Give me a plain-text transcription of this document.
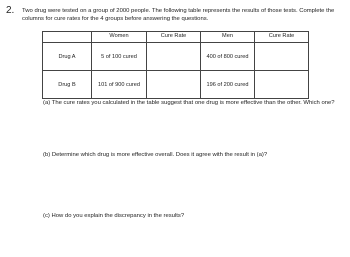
2. Two drug were tested on a group of 2000 people. The following table represents the results of those tests. Complete the columns for cure rates for the 4 groups before answering the questions.
	Women	Cure Rate	Men	Cure Rate
Drug A	5 of 100 cured		400 of 800 cured	
Drug B	101 of 900 cured		196 of 200 cured	
(a) The cure rates you calculated in the table suggest that one drug is more effective than the other. Which one?
(b) Determine which drug is more effective overall. Does it agree with the result in (a)?
(c) How do you explain the discrepancy in the results?
